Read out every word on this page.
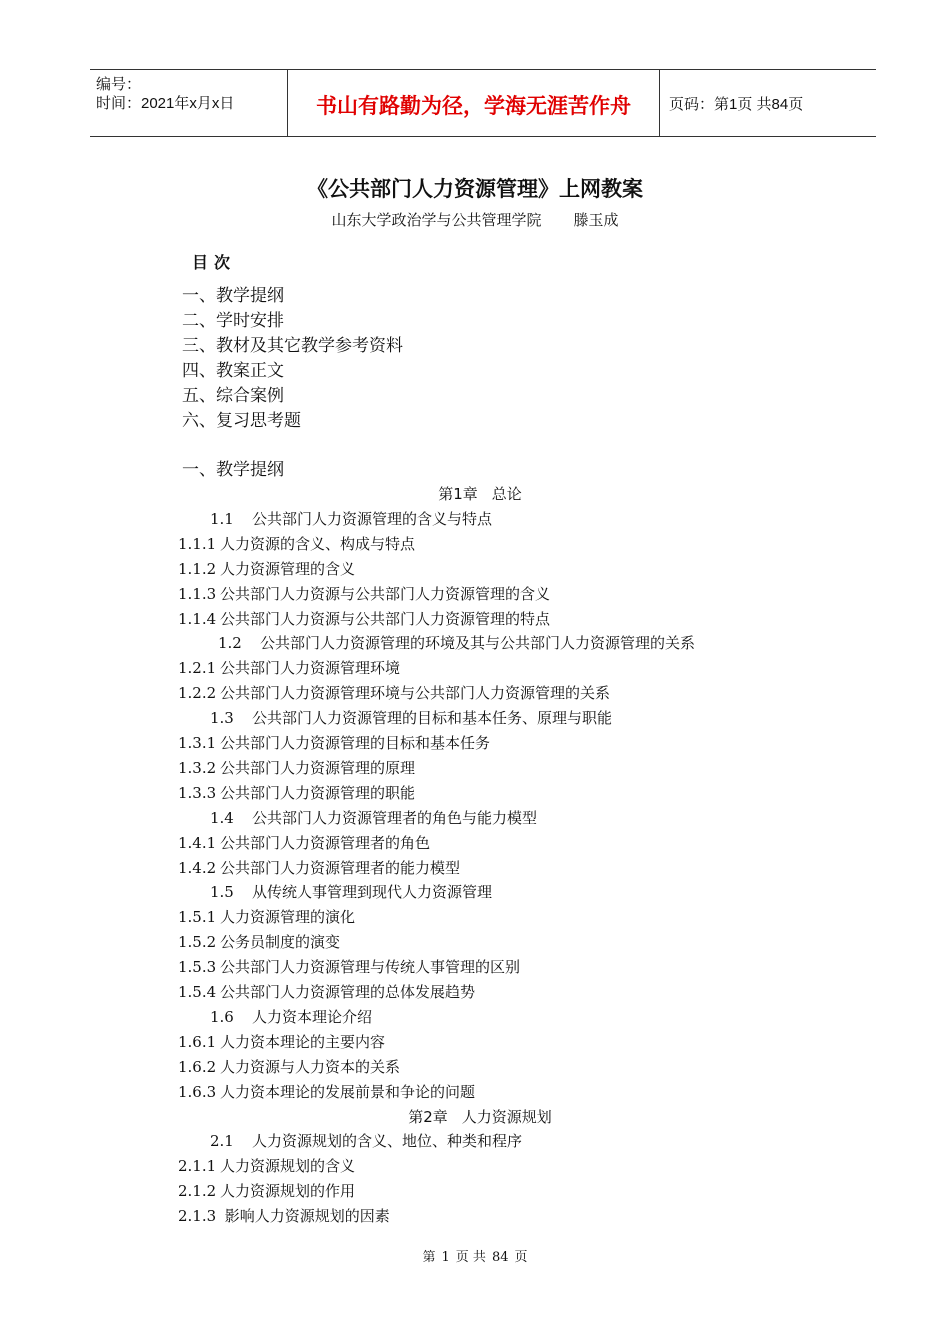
编号：
时间：2021年x月x日	书山有路勤为径，学海无涯苦作舟	页码：第1页 共84页
《公共部门人力资源管理》上网教案
山东大学政治学与公共管理学院 滕玉成
目次
一、教学提纲
二、学时安排
三、教材及其它教学参考资料
四、教案正文
五、综合案例
六、复习思考题
一、教学提纲
第1章 总论
1.1 公共部门人力资源管理的含义与特点
1.1.1 人力资源的含义、构成与特点
1.1.2 人力资源管理的含义
1.1.3 公共部门人力资源与公共部门人力资源管理的含义
1.1.4 公共部门人力资源与公共部门人力资源管理的特点
1.2 公共部门人力资源管理的环境及其与公共部门人力资源管理的关系
1.2.1 公共部门人力资源管理环境
1.2.2 公共部门人力资源管理环境与公共部门人力资源管理的关系
1.3 公共部门人力资源管理的目标和基本任务、原理与职能
1.3.1 公共部门人力资源管理的目标和基本任务
1.3.2 公共部门人力资源管理的原理
1.3.3 公共部门人力资源管理的职能
1.4 公共部门人力资源管理者的角色与能力模型
1.4.1 公共部门人力资源管理者的角色
1.4.2 公共部门人力资源管理者的能力模型
1.5 从传统人事管理到现代人力资源管理
1.5.1 人力资源管理的演化
1.5.2 公务员制度的演变
1.5.3 公共部门人力资源管理与传统人事管理的区别
1.5.4 公共部门人力资源管理的总体发展趋势
1.6 人力资本理论介绍
1.6.1 人力资本理论的主要内容
1.6.2 人力资源与人力资本的关系
1.6.3 人力资本理论的发展前景和争论的问题
第2章 人力资源规划
2.1 人力资源规划的含义、地位、种类和程序
2.1.1 人力资源规划的含义
2.1.2 人力资源规划的作用
2.1.3 影响人力资源规划的因素
第 1 页 共 84 页
